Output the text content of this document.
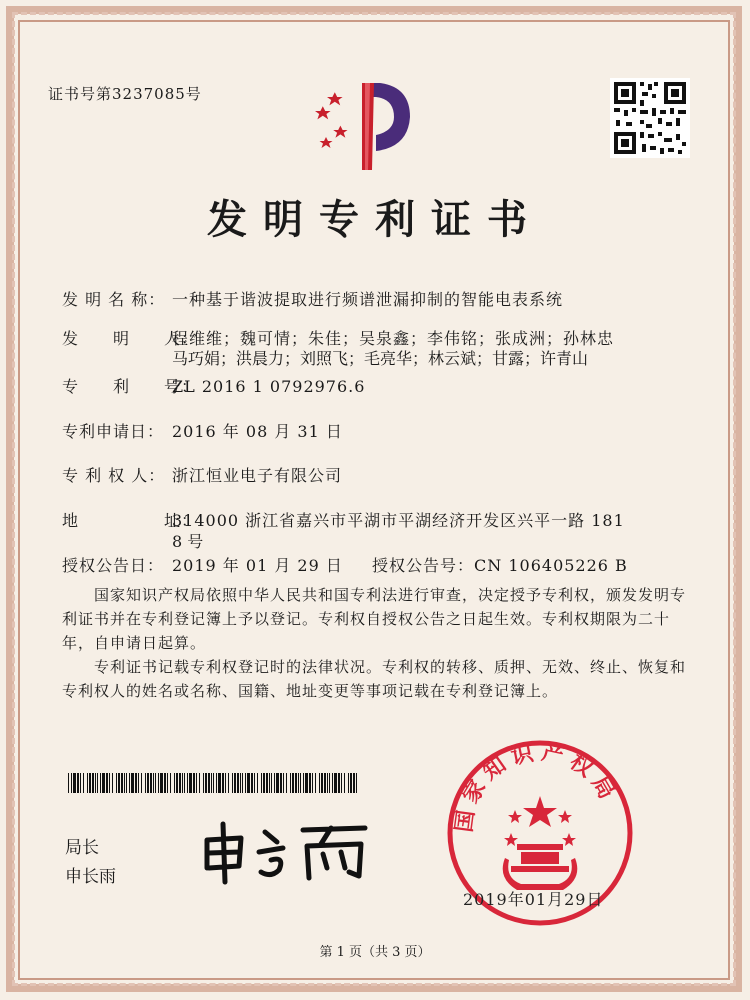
证书号第3237085号
发明专利证书
发 明 名 称： 一种基于谐波提取进行频谱泄漏抑制的智能电表系统
发　　明　　人：程维维；魏可情；朱佳；吴泉鑫；李伟铭；张成洲；孙林忠
马巧娟；洪晨力；刘照飞；毛亮华；林云斌；甘露；许青山
专　　利　　号：ZL 2016 1 0792976.6
专利申请日： 2016 年 08 月 31 日
专 利 权 人： 浙江恒业电子有限公司
地　　　　　址：314000 浙江省嘉兴市平湖市平湖经济开发区兴平一路 181
8 号
授权公告日： 2019 年 01 月 29 日 授权公告号：CN 106405226 B
国家知识产权局依照中华人民共和国专利法进行审查，决定授予专利权，颁发发明专利证书并在专利登记簿上予以登记。专利权自授权公告之日起生效。专利权期限为二十年，自申请日起算。
专利证书记载专利权登记时的法律状况。专利权的转移、质押、无效、终止、恢复和专利权人的姓名或名称、国籍、地址变更等事项记载在专利登记簿上。
局长
申长雨
国家知识产权局
2019年01月29日
第 1 页（共 3 页）
